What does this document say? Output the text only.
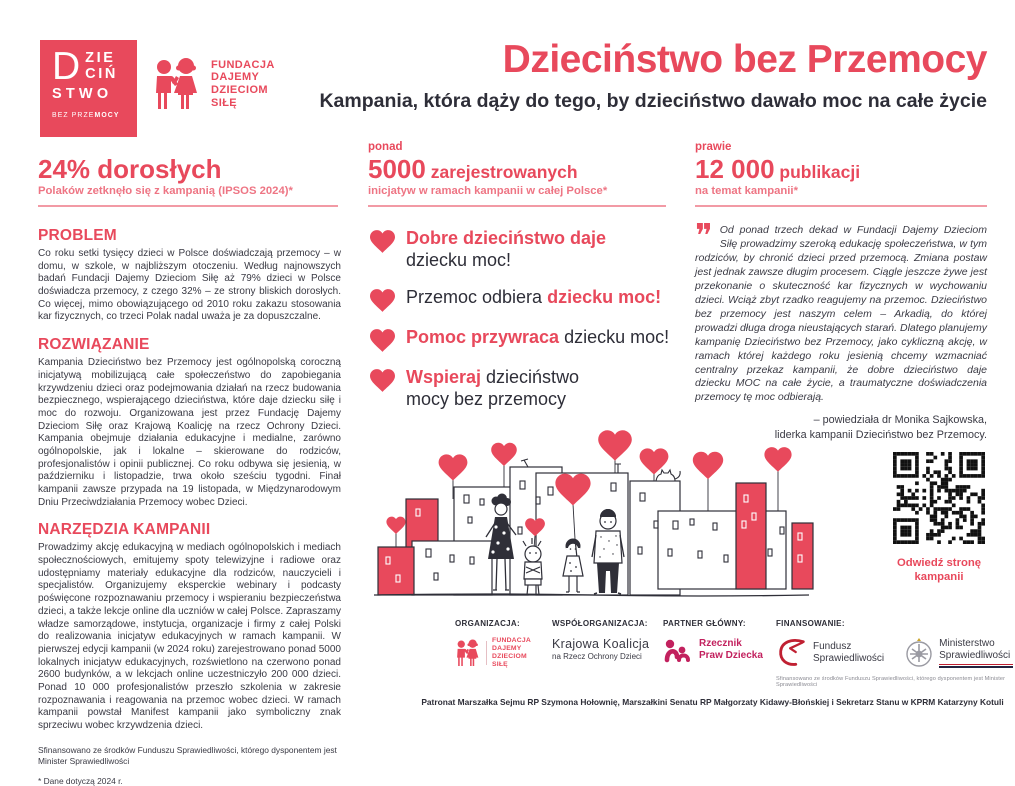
D ZIE
CIŃ
STWO
BEZ PRZEMOCY
FUNDACJA
DAJEMY
DZIECIOM
SIŁĘ
Dzieciństwo bez Przemocy
Kampania, która dąży do tego, by dzieciństwo dawało moc na całe życie
24% dorosłych
Polaków zetknęło się z kampanią (IPSOS 2024)*
ponad
5000 zarejestrowanych
inicjatyw w ramach kampanii w całej Polsce*
prawie
12 000 publikacji
na temat kampanii*
PROBLEM

Co roku setki tysięcy dzieci w Polsce doświadczają przemocy – w domu, w szkole, w najbliższym otoczeniu. Według najnowszych badań Fundacji Dajemy Dzieciom Siłę aż 79% dzieci w Polsce doświadcza przemocy, z czego 32% – ze strony bliskich dorosłych. Co więcej, mimo obowiązującego od 2010 roku zakazu stosowania kar fizycznych, co trzeci Polak nadal uważa je za dopuszczalne.

ROZWIĄZANIE

Kampania Dzieciństwo bez Przemocy jest ogólnopolską coroczną inicjatywą mobilizującą całe społeczeństwo do zapobiegania krzywdzeniu dzieci oraz podejmowania działań na rzecz budowania bezpiecznego, wspierającego dzieciństwa, które daje dziecku siłę i moc do rozwoju. Organizowana jest przez Fundację Dajemy Dzieciom Siłę oraz Krajową Koalicję na rzecz Ochrony Dzieci. Kampania obejmuje działania edukacyjne i medialne, zarówno ogólnopolskie, jak i lokalne – skierowane do rodziców, profesjonalistów i opinii publicznej. Co roku odbywa się jesienią, w październiku i listopadzie, trwa około sześciu tygodni. Finał kampanii zawsze przypada na 19 listopada, w Międzynarodowym Dniu Przeciwdziałania Przemocy wobec Dzieci.

NARZĘDZIA KAMPANII

Prowadzimy akcję edukacyjną w mediach ogólnopolskich i mediach społecznościowych, emitujemy spoty telewizyjne i radiowe oraz udostępniamy materiały edukacyjne dla rodziców, nauczycieli i specjalistów. Organizujemy eksperckie webinary i podcasty poświęcone rozpoznawaniu przemocy i wspieraniu bezpieczeństwa dzieci, a także lekcje online dla uczniów w całej Polsce. Zapraszamy władze samorządowe, instytucja, organizacje i firmy z całej Polski do realizowania inicjatyw edukacyjnych w ramach kampanii. W pierwszej edycji kampanii (w 2024 roku) zarejestrowano ponad 5000 lokalnych inicjatyw edukacyjnych, rozświetlono na czerwono ponad 2600 budynków, a w lekcjach online uczestniczyło 200 000 dzieci. Ponad 10 000 profesjonalistów przeszło szkolenia w zakresie rozpoznawania i reagowania na przemoc wobec dzieci. W ramach kampanii powstał Manifest kampanii jako symboliczny znak sprzeciwu wobec krzywdzenia dzieci.

Sfinansowano ze środków Funduszu Sprawiedliwości, którego dysponentem jest Minister Sprawiedliwości
* Dane dotyczą 2024 r.
Dobre dzieciństwo daje
dziecku moc!
Przemoc odbiera dziecku moc!
Pomoc przywraca dziecku moc!
Wspieraj dzieciństwo
mocy bez przemocy
❞ Od ponad trzech dekad w Fundacji Dajemy Dzieciom Siłę prowadzimy szeroką edukację społeczeństwa, w tym rodziców, by chronić dzieci przed przemocą. Zmiana postaw jest jednak zawsze długim procesem. Ciągle jeszcze żywe jest przekonanie o skuteczność kar fizycznych w wychowaniu dzieci. Wciąż zbyt rzadko reagujemy na przemoc. Dzieciństwo bez przemocy jest naszym celem – Arkadią, do której prowadzi długa droga nieustających starań. Dlatego planujemy kampanię Dzieciństwo bez Przemocy, jako cykliczną akcję, w ramach której każdego roku jesienią chcemy wzmacniać centralny przekaz kampanii, że dobre dzieciństwo daje dziecku MOC na całe życie, a traumatyczne doświadczenia przemocy tę moc odbierają.
– powiedziała dr Monika Sajkowska,
liderka kampanii Dzieciństwo bez Przemocy.
Odwiedź stronę kampanii
ORGANIZACJA:
FUNDACJA
DAJEMY
DZIECIOM
SIŁĘ
WSPÓŁORGANIZACJA:
Krajowa Koalicja
na Rzecz Ochrony Dzieci
PARTNER GŁÓWNY:
Rzecznik
Praw Dziecka
FINANSOWANIE:
Fundusz
Sprawiedliwości
Ministerstwo
Sprawiedliwości
Sfinansowano ze środków Funduszu Sprawiedliwości, którego dysponentem jest Minister Sprawiedliwości
Patronat Marszałka Sejmu RP Szymona Hołownię, Marszałkini Senatu RP Małgorzaty Kidawy-Błońskiej i Sekretarz Stanu w KPRM Katarzyny Kotuli
